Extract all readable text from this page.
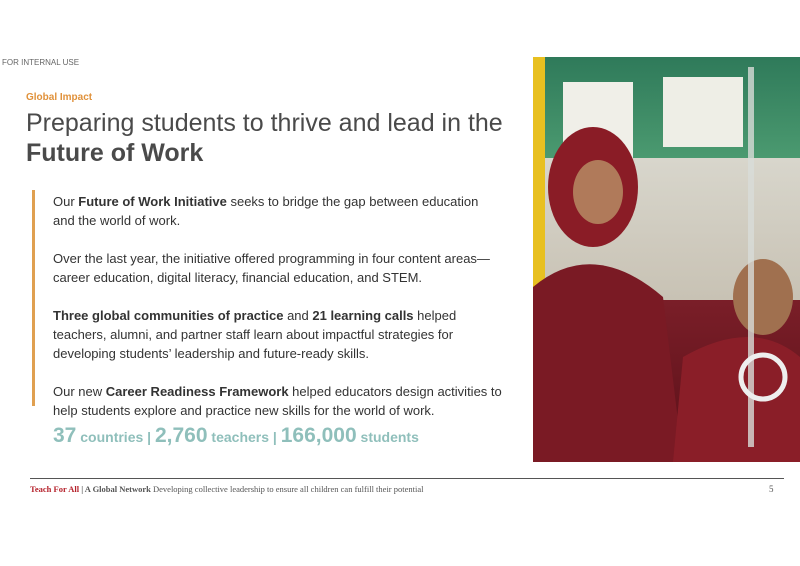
FOR INTERNAL USE
Global Impact
Preparing students to thrive and lead in the Future of Work

Our Future of Work Initiative seeks to bridge the gap between education and the world of work.

Over the last year, the initiative offered programming in four content areas—career education, digital literacy, financial education, and STEM.

Three global communities of practice and 21 learning calls helped teachers, alumni, and partner staff learn about impactful strategies for developing students’ leadership and future-ready skills.

Our new Career Readiness Framework helped educators design activities to help students explore and practice new skills for the world of work.

37 countries | 2,760 teachers | 166,000 students
Teach For All | A Global Network Developing collective leadership to ensure all children can fulfill their potential	5
